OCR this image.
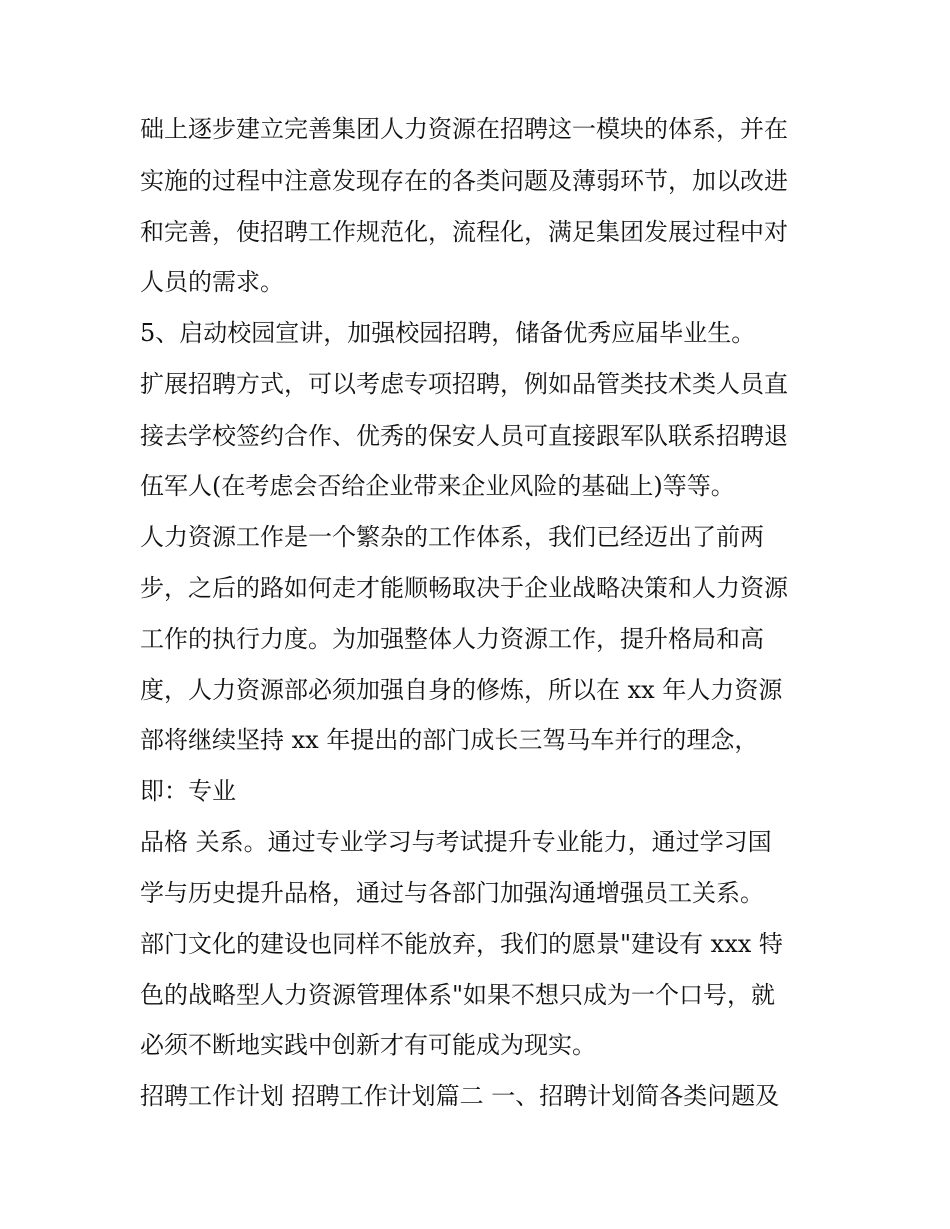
础上逐步建立完善集团人力资源在招聘这一模块的体系，并在
实施的过程中注意发现存在的各类问题及薄弱环节，加以改进
和完善，使招聘工作规范化，流程化，满足集团发展过程中对
人员的需求。
5、启动校园宣讲，加强校园招聘，储备优秀应届毕业生。
扩展招聘方式，可以考虑专项招聘，例如品管类技术类人员直
接去学校签约合作、优秀的保安人员可直接跟军队联系招聘退
伍军人(在考虑会否给企业带来企业风险的基础上)等等。
人力资源工作是一个繁杂的工作体系，我们已经迈出了前两
步，之后的路如何走才能顺畅取决于企业战略决策和人力资源
工作的执行力度。为加强整体人力资源工作，提升格局和高
度，人力资源部必须加强自身的修炼，所以在 xx 年人力资源
部将继续坚持 xx 年提出的部门成长三驾马车并行的理念，
即：专业
品格 关系。通过专业学习与考试提升专业能力，通过学习国
学与历史提升品格，通过与各部门加强沟通增强员工关系。
部门文化的建设也同样不能放弃，我们的愿景"建设有 xxx 特
色的战略型人力资源管理体系"如果不想只成为一个口号，就
必须不断地实践中创新才有可能成为现实。
招聘工作计划 招聘工作计划篇二 一、招聘计划简各类问题及
